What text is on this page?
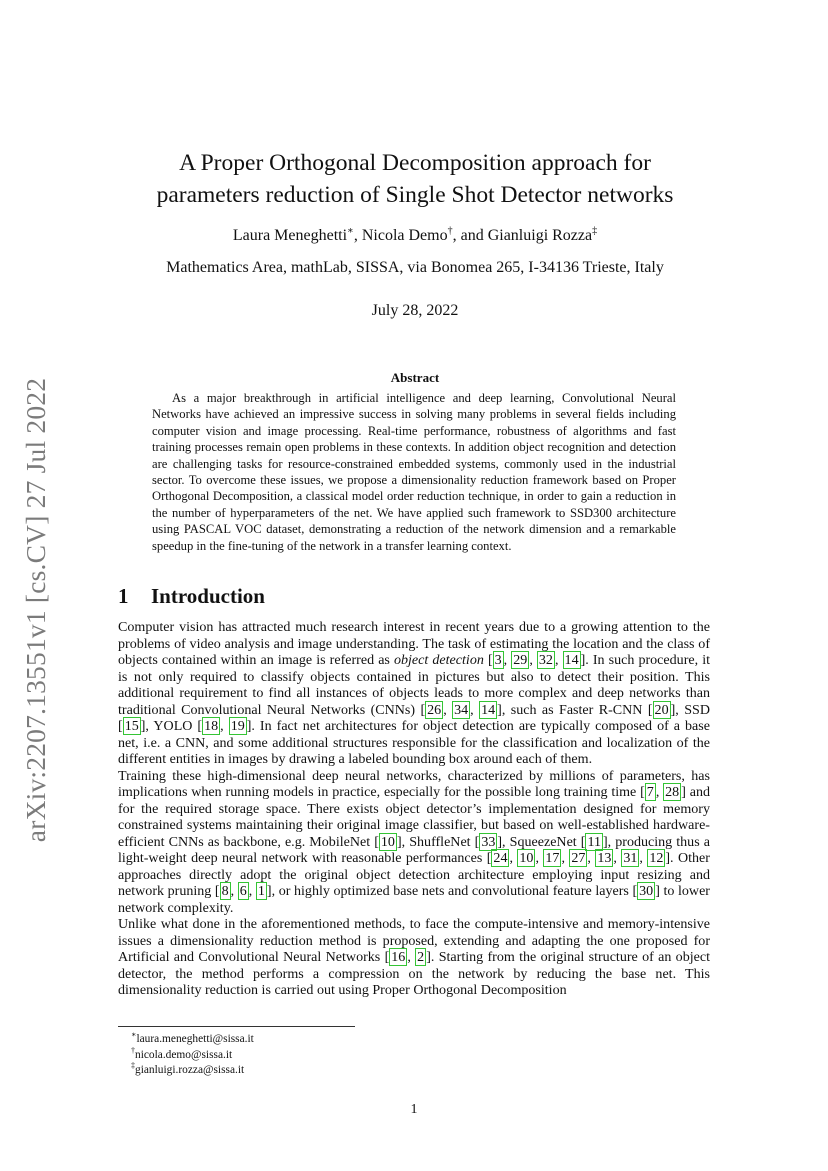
arXiv:2207.13551v1 [cs.CV] 27 Jul 2022
A Proper Orthogonal Decomposition approach for
parameters reduction of Single Shot Detector networks
Laura Meneghetti∗, Nicola Demo†, and Gianluigi Rozza‡
Mathematics Area, mathLab, SISSA, via Bonomea 265, I-34136 Trieste, Italy
July 28, 2022
Abstract
As a major breakthrough in artificial intelligence and deep learning, Convolutional Neural Networks have achieved an impressive success in solving many problems in several fields including computer vision and image processing. Real-time performance, robustness of algorithms and fast training processes remain open problems in these contexts. In addition object recognition and detection are challenging tasks for resource-constrained embedded systems, commonly used in the industrial sector. To overcome these issues, we propose a dimensionality reduction framework based on Proper Orthogonal Decomposition, a classical model order reduction technique, in order to gain a reduction in the number of hyperparameters of the net. We have applied such framework to SSD300 architecture using PASCAL VOC dataset, demonstrating a reduction of the network dimension and a remarkable speedup in the fine-tuning of the network in a transfer learning context.
1 Introduction

Computer vision has attracted much research interest in recent years due to a growing attention to the problems of video analysis and image understanding. The task of estimating the location and the class of objects contained within an image is referred as object detection [ 3 , 29 , 32 , 14 ]. In such procedure, it is not only required to classify objects contained in pictures but also to detect their position. This additional requirement to find all instances of objects leads to more complex and deep networks than traditional Convolutional Neural Networks (CNNs) [ 26 , 34 , 14 ], such as Faster R-CNN [ 20 ], SSD [ 15 ], YOLO [ 18 , 19 ]. In fact net architectures for object detection are typically composed of a base net, i.e. a CNN, and some additional structures responsible for the classification and localization of the different entities in images by drawing a labeled bounding box around each of them.

Training these high-dimensional deep neural networks, characterized by millions of parameters, has implications when running models in practice, especially for the possible long training time [ 7 , 28 ] and for the required storage space. There exists object detector’s implementation designed for memory constrained systems maintaining their original image classifier, but based on well-established hardware-efficient CNNs as backbone, e.g. MobileNet [ 10 ], ShuffleNet [ 33 ], SqueezeNet [ 11 ], producing thus a light-weight deep neural network with reasonable performances [ 24 , 10 , 17 , 27 , 13 , 31 , 12 ]. Other approaches directly adopt the original object detection architecture employing input resizing and network pruning [ 8 , 6 , 1 ], or highly optimized base nets and convolutional feature layers [ 30 ] to lower network complexity.

Unlike what done in the aforementioned methods, to face the compute-intensive and memory-intensive issues a dimensionality reduction method is proposed, extending and adapting the one proposed for Artificial and Convolutional Neural Networks [ 16 , 2 ]. Starting from the original structure of an object detector, the method performs a compression on the network by reducing the base net. This dimensionality reduction is carried out using Proper Orthogonal Decomposition

∗laura.meneghetti@sissa.it
†nicola.demo@sissa.it
‡gianluigi.rozza@sissa.it
1
